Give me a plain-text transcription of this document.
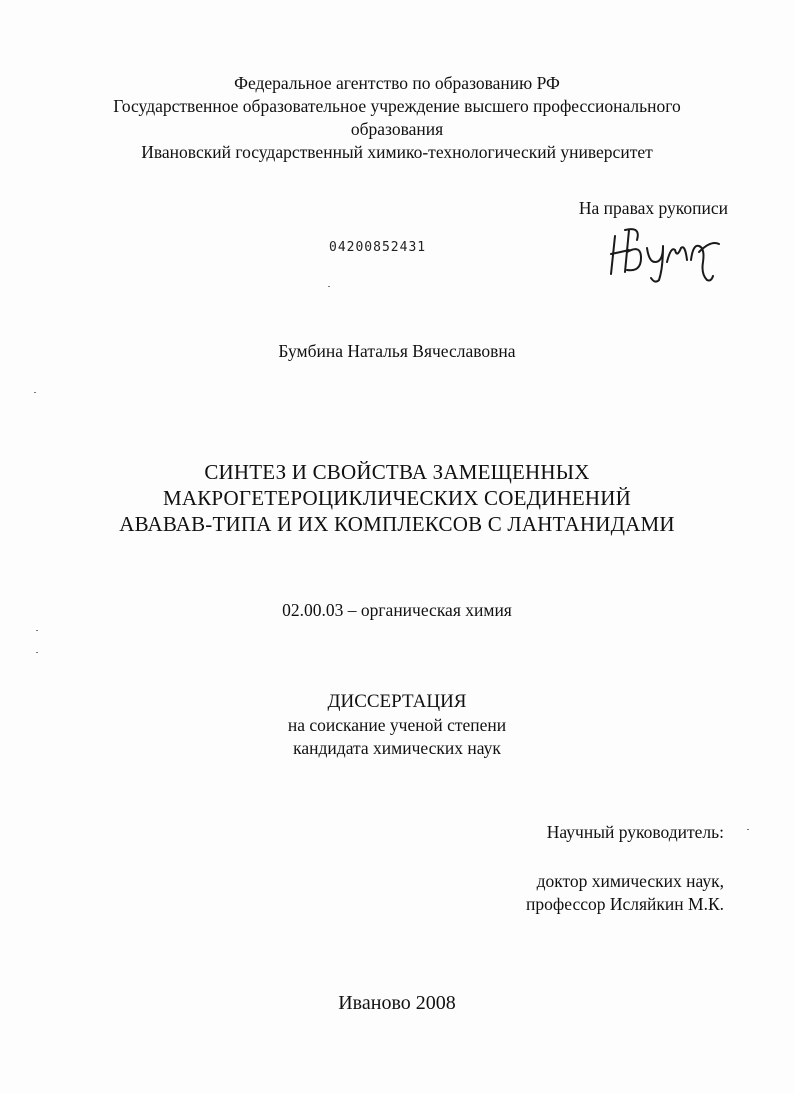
Федеральное агентство по образованию РФ
Государственное образовательное учреждение высшего профессионального
образования
Ивановский государственный химико-технологический университет
На правах рукописи
04200852431
Бумбина Наталья Вячеславовна
СИНТЕЗ И СВОЙСТВА ЗАМЕЩЕННЫХ
МАКРОГЕТЕРОЦИКЛИЧЕСКИХ СОЕДИНЕНИЙ
АВАВАВ-ТИПА И ИХ КОМПЛЕКСОВ С ЛАНТАНИДАМИ
02.00.03 – органическая химия
ДИССЕРТАЦИЯ
на соискание ученой степени
кандидата химических наук
Научный руководитель:
доктор химических наук,
профессор Исляйкин М.К.
Иваново 2008
